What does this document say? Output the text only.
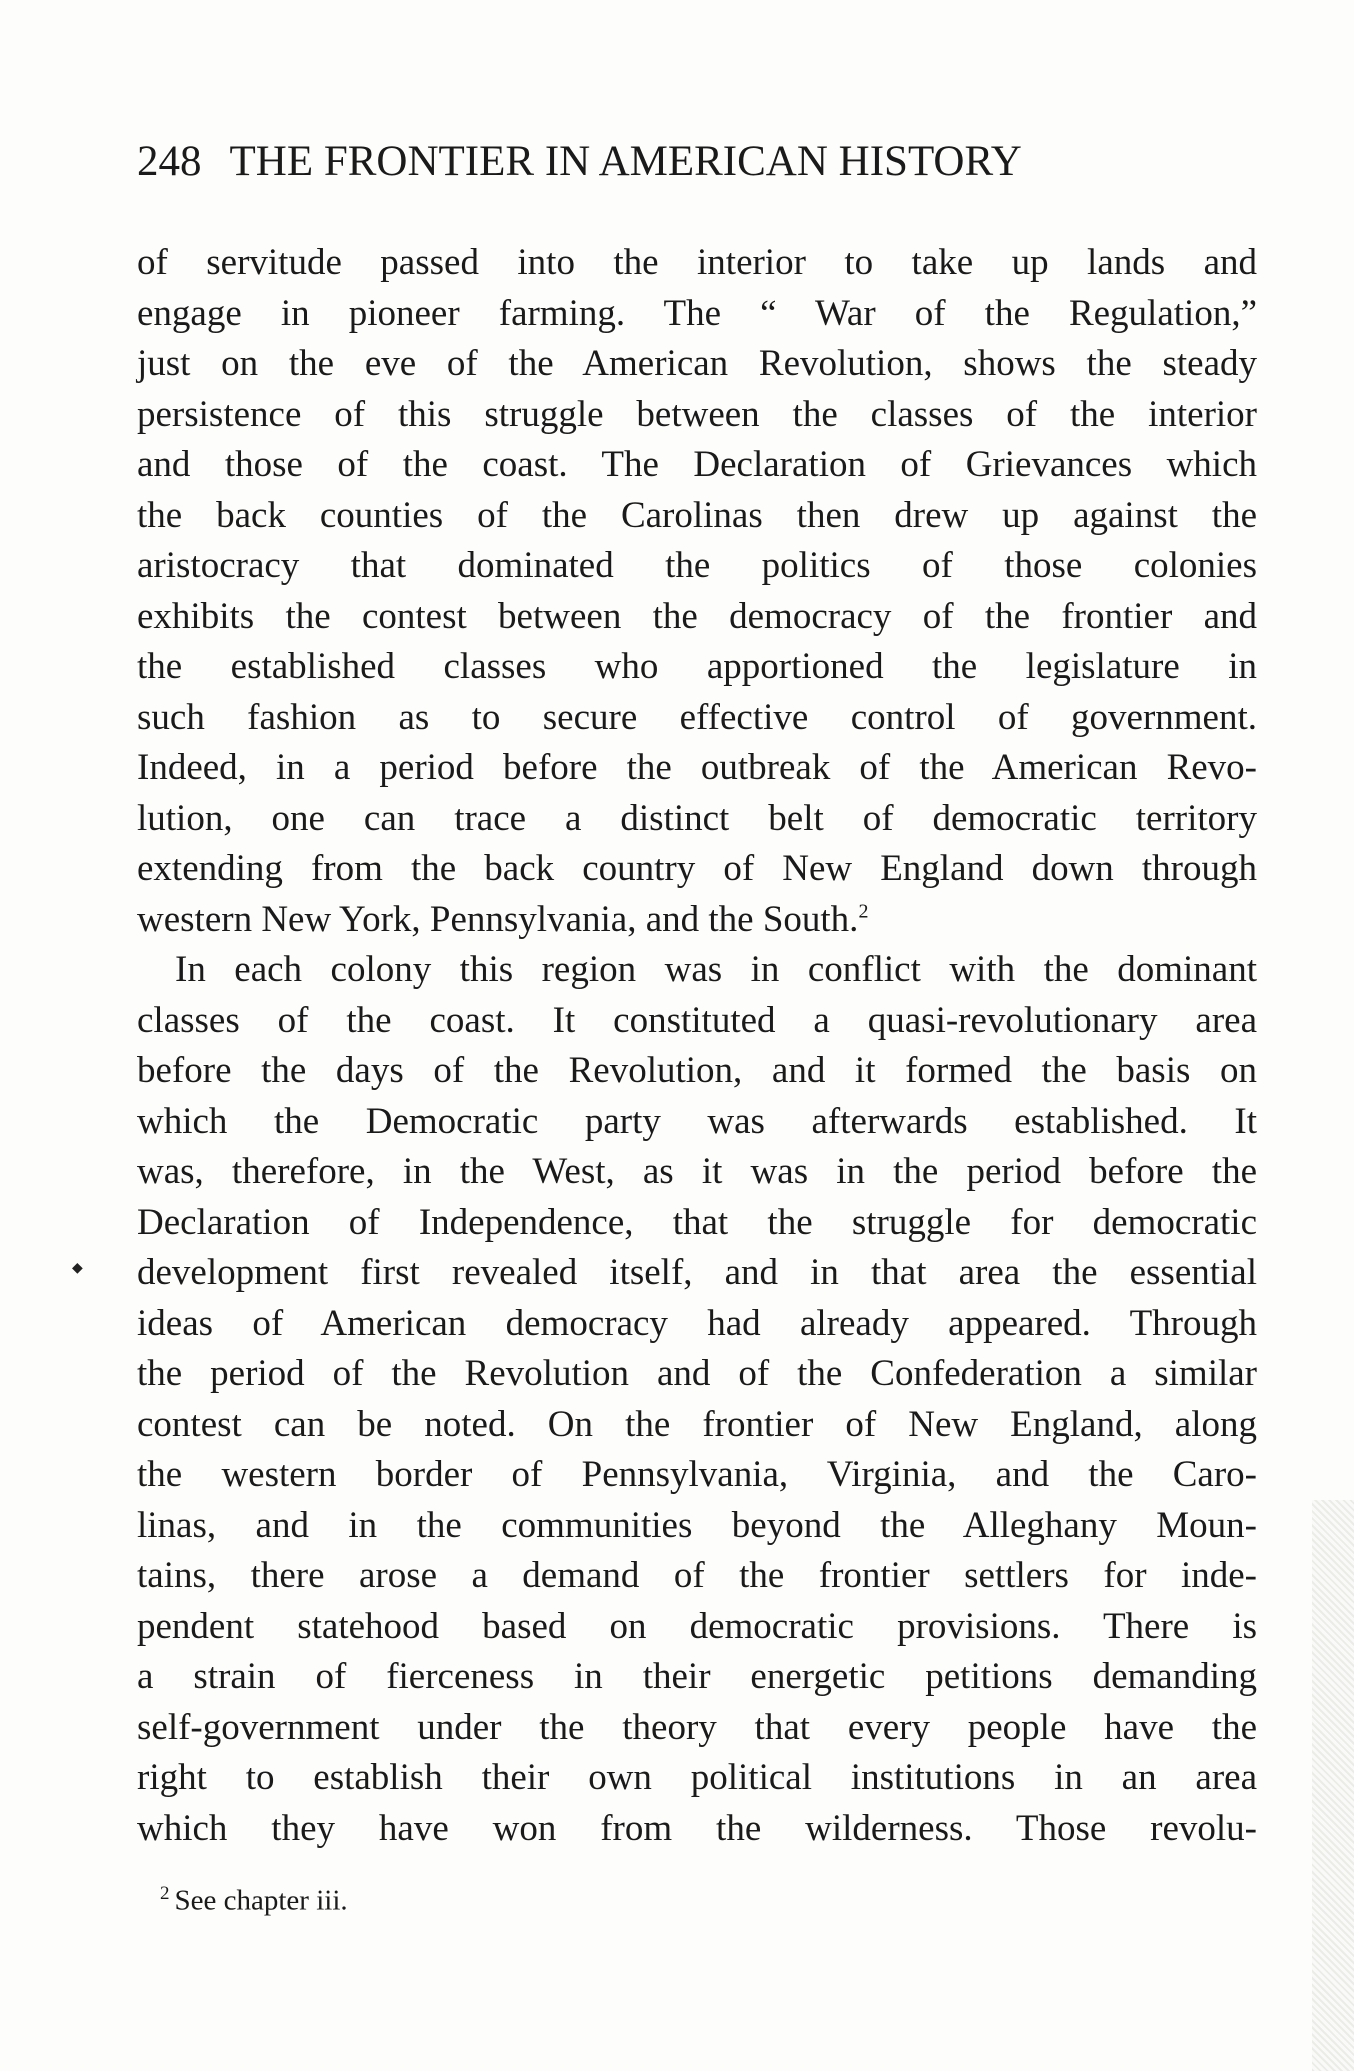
248 THE FRONTIER IN AMERICAN HISTORY
of servitude passed into the interior to take up lands and
engage in pioneer farming. The “ War of the Regulation,”
just on the eve of the American Revolution, shows the steady
persistence of this struggle between the classes of the interior
and those of the coast. The Declaration of Grievances which
the back counties of the Carolinas then drew up against the
aristocracy that dominated the politics of those colonies
exhibits the contest between the democracy of the frontier and
the established classes who apportioned the legislature in
such fashion as to secure effective control of government.
Indeed, in a period before the outbreak of the American Revo-
lution, one can trace a distinct belt of democratic territory
extending from the back country of New England down through
western New York, Pennsylvania, and the South.$^2$
In each colony this region was in conflict with the dominant
classes of the coast. It constituted a quasi-revolutionary area
before the days of the Revolution, and it formed the basis on
which the Democratic party was afterwards established. It
was, therefore, in the West, as it was in the period before the
Declaration of Independence, that the struggle for democratic
development first revealed itself, and in that area the essential
ideas of American democracy had already appeared. Through
the period of the Revolution and of the Confederation a similar
contest can be noted. On the frontier of New England, along
the western border of Pennsylvania, Virginia, and the Caro-
linas, and in the communities beyond the Alleghany Moun-
tains, there arose a demand of the frontier settlers for inde-
pendent statehood based on democratic provisions. There is
a strain of fierceness in their energetic petitions demanding
self-government under the theory that every people have the
right to establish their own political institutions in an area
which they have won from the wilderness. Those revolu-
$^2$ See chapter iii.
◆
